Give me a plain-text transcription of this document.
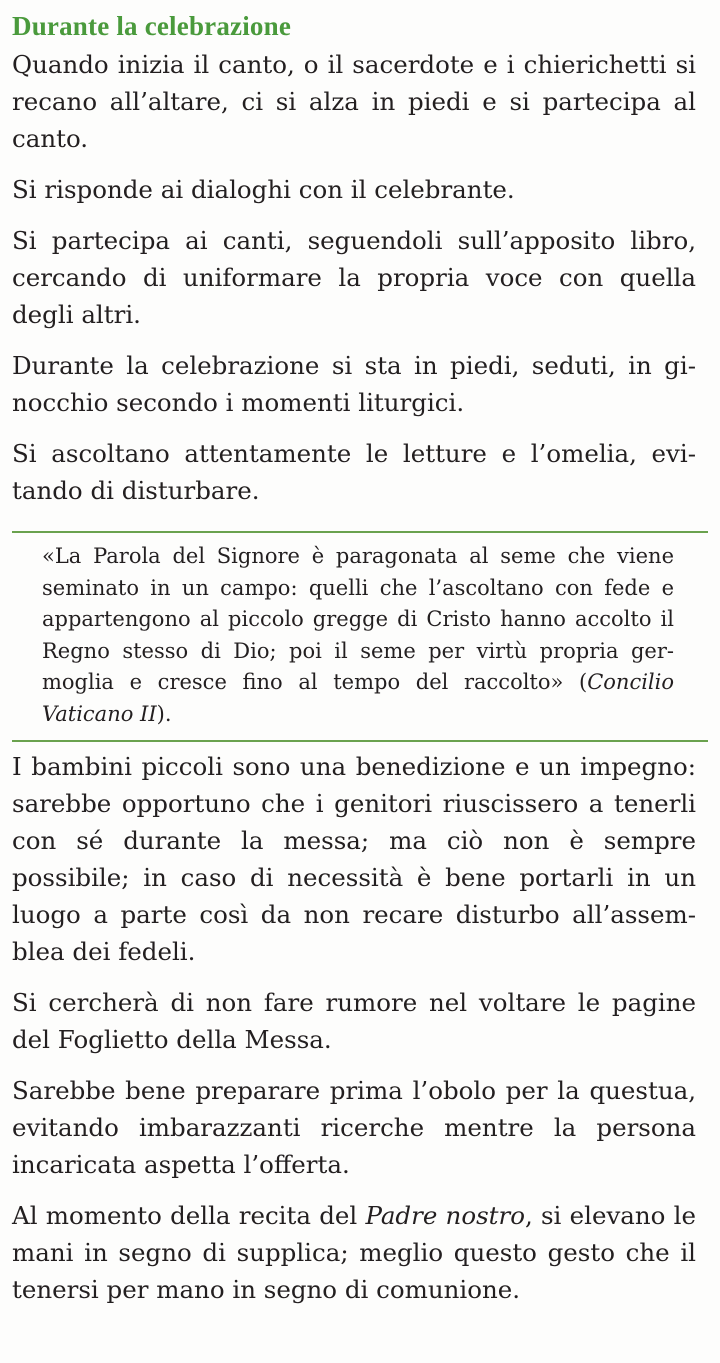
Durante la celebrazione

Quando inizia il canto, o il sacerdote e i chierichetti si recano all’altare, ci si alza in piedi e si partecipa al canto.

Si risponde ai dialoghi con il celebrante.

Si partecipa ai canti, seguendoli sull’apposito libro, cercando di uniformare la propria voce con quella degli altri.

Durante la celebrazione si sta in piedi, seduti, in ginocchio secondo i momenti liturgici.

Si ascoltano attentamente le letture e l’omelia, evitando di disturbare.

«La Parola del Signore è paragonata al seme che viene seminato in un campo: quelli che l’ascoltano con fede e appartengono al piccolo gregge di Cristo hanno accolto il Regno stesso di Dio; poi il seme per virtù propria germoglia e cresce fino al tempo del raccolto» (Concilio Vaticano II).

I bambini piccoli sono una benedizione e un impegno: sarebbe opportuno che i genitori riuscissero a tenerli con sé durante la messa; ma ciò non è sempre possibile; in caso di necessità è bene portarli in un luogo a parte così da non recare disturbo all’assemblea dei fedeli.

Si cercherà di non fare rumore nel voltare le pagine del Foglietto della Messa.

Sarebbe bene preparare prima l’obolo per la questua, evitando imbarazzanti ricerche mentre la persona incaricata aspetta l’offerta.

Al momento della recita del Padre nostro, si elevano le mani in segno di supplica; meglio questo gesto che il tenersi per mano in segno di comunione.
